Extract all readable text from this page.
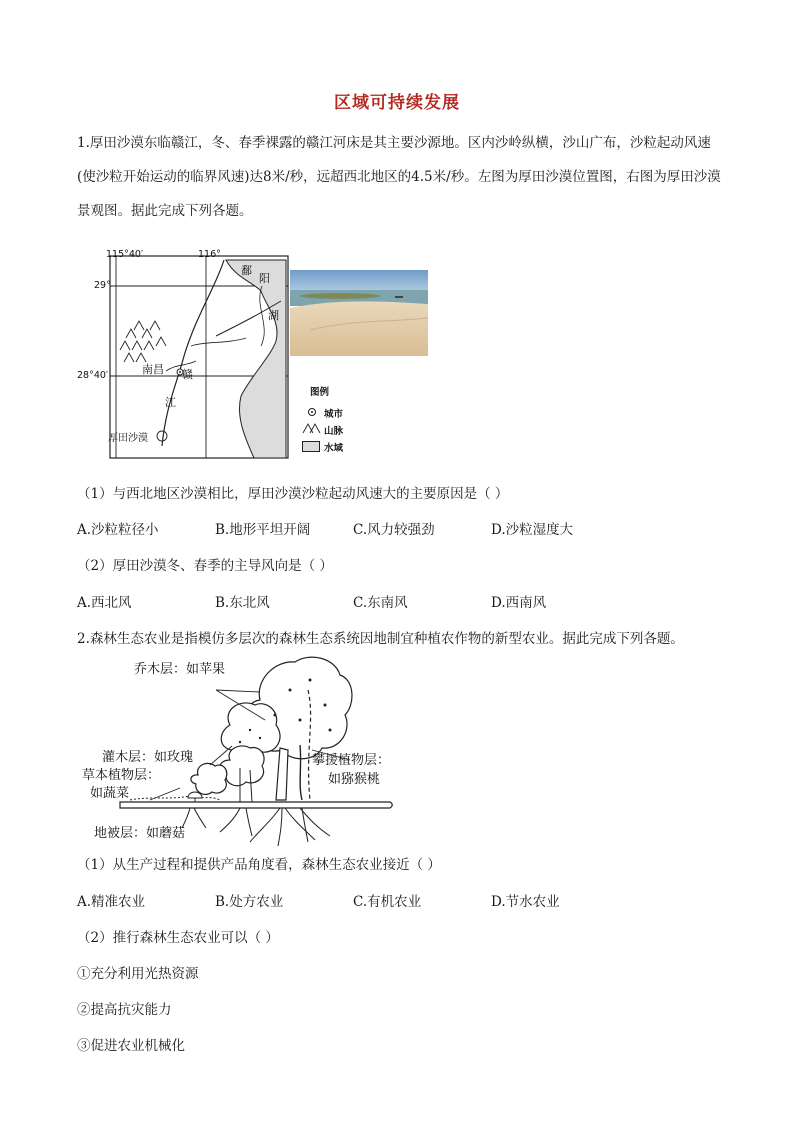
区域可持续发展
1.厚田沙漠东临赣江，冬、春季裸露的赣江河床是其主要沙源地。区内沙岭纵横，沙山广布，沙粒起动风速(使沙粒开始运动的临界风速)达8米/秒，远超西北地区的4.5米/秒。左图为厚田沙漠位置图，右图为厚田沙漠景观图。据此完成下列各题。
115°40′	116°
29°
28°40′
鄱
阳
湖
南昌 赣
江
厚田沙漠
图例
城市
山脉
水域
（1）与西北地区沙漠相比，厚田沙漠沙粒起动风速大的主要原因是（ ）
A.沙粒粒径小	B.地形平坦开阔	C.风力较强劲	D.沙粒湿度大
（2）厚田沙漠冬、春季的主导风向是（ ）
A.西北风	B.东北风	C.东南风	D.西南风
2.森林生态农业是指模仿多层次的森林生态系统因地制宜种植农作物的新型农业。据此完成下列各题。
乔木层：如苹果
灌木层：如玫瑰
草本植物层：
如蔬菜
攀援植物层：
如猕猴桃
地被层：如蘑菇
（1）从生产过程和提供产品角度看，森林生态农业接近（ ）
A.精准农业	B.处方农业	C.有机农业	D.节水农业
（2）推行森林生态农业可以（ ）
①充分利用光热资源
②提高抗灾能力
③促进农业机械化
